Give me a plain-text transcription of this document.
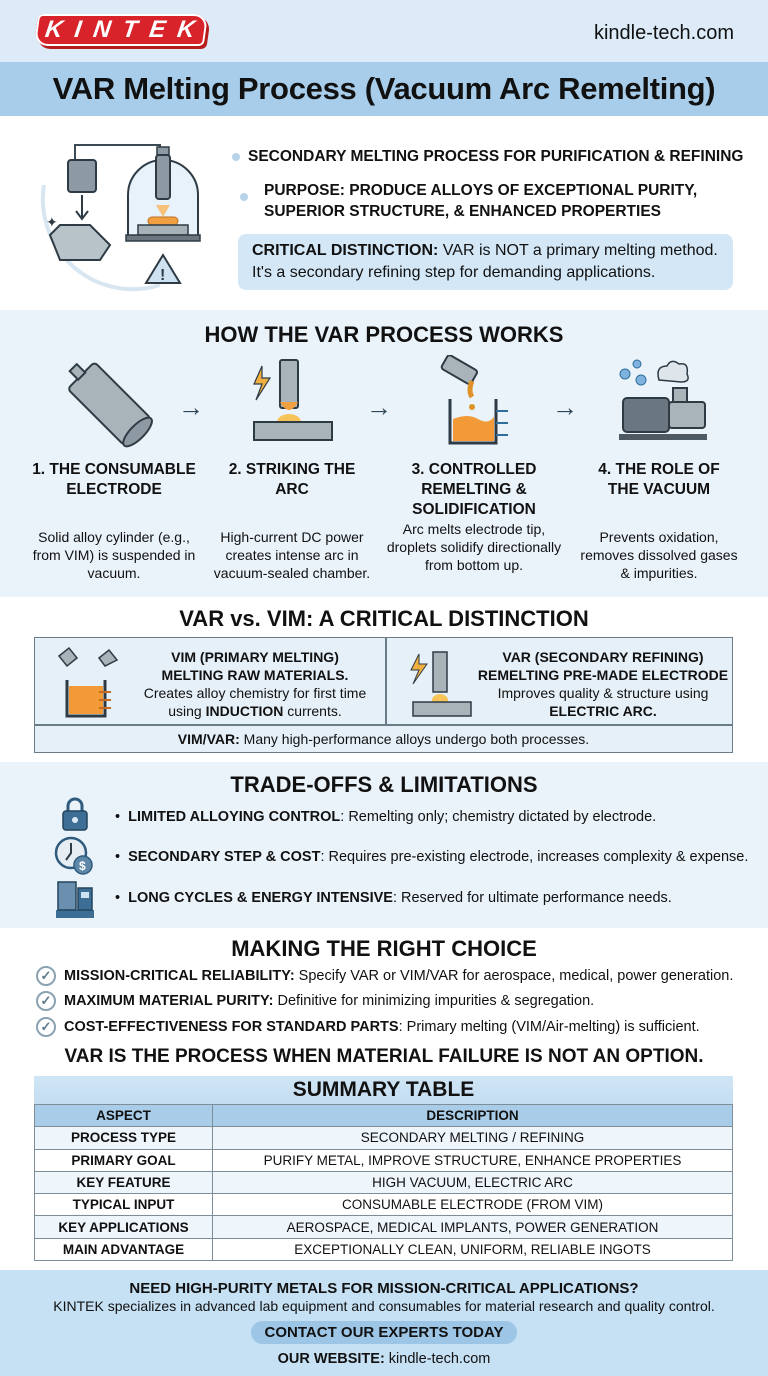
KINTEK	kindle-tech.com
VAR Melting Process (Vacuum Arc Remelting)
✦
!
SECONDARY MELTING PROCESS FOR PURIFICATION & REFINING
PURPOSE: PRODUCE ALLOYS OF EXCEPTIONAL PURITY,
SUPERIOR STRUCTURE, & ENHANCED PROPERTIES
CRITICAL DISTINCTION: VAR is NOT a primary melting method.
It's a secondary refining step for demanding applications.
HOW THE VAR PROCESS WORKS
→	→	→
1. THE CONSUMABLE
ELECTRODE

Solid alloy cylinder (e.g., from VIM) is suspended in vacuum.

2. STRIKING THE
ARC

High-current DC power creates intense arc in vacuum-sealed chamber.

3. CONTROLLED
REMELTING &
SOLIDIFICATION

Arc melts electrode tip, droplets solidify directionally from bottom up.

4. THE ROLE OF
THE VACUUM

Prevents oxidation, removes dissolved gases & impurities.

VAR vs. VIM: A CRITICAL DISTINCTION
VIM (PRIMARY MELTING)
MELTING RAW MATERIALS.
Creates alloy chemistry for first time
using INDUCTION currents.
VAR (SECONDARY REFINING)
REMELTING PRE-MADE ELECTRODE
Improves quality & structure using
ELECTRIC ARC.
VIM/VAR: Many high-performance alloys undergo both processes.
TRADE-OFFS & LIMITATIONS
•  LIMITED ALLOYING CONTROL: Remelting only; chemistry dictated by electrode.
$
•  SECONDARY STEP & COST: Requires pre-existing electrode, increases complexity & expense.
•  LONG CYCLES & ENERGY INTENSIVE: Reserved for ultimate performance needs.
MAKING THE RIGHT CHOICE
✓ MISSION-CRITICAL RELIABILITY: Specify VAR or VIM/VAR for aerospace, medical, power generation.
✓ MAXIMUM MATERIAL PURITY: Definitive for minimizing impurities & segregation.
✓ COST-EFFECTIVENESS FOR STANDARD PARTS: Primary melting (VIM/Air-melting) is sufficient.
VAR IS THE PROCESS WHEN MATERIAL FAILURE IS NOT AN OPTION.
SUMMARY TABLE
ASPECT	DESCRIPTION
PROCESS TYPE	SECONDARY MELTING / REFINING
PRIMARY GOAL	PURIFY METAL, IMPROVE STRUCTURE, ENHANCE PROPERTIES
KEY FEATURE	HIGH VACUUM, ELECTRIC ARC
TYPICAL INPUT	CONSUMABLE ELECTRODE (FROM VIM)
KEY APPLICATIONS	AEROSPACE, MEDICAL IMPLANTS, POWER GENERATION
MAIN ADVANTAGE	EXCEPTIONALLY CLEAN, UNIFORM, RELIABLE INGOTS
NEED HIGH-PURITY METALS FOR MISSION-CRITICAL APPLICATIONS?
KINTEK specializes in advanced lab equipment and consumables for material research and quality control.
CONTACT OUR EXPERTS TODAY
OUR WEBSITE: kindle-tech.com
